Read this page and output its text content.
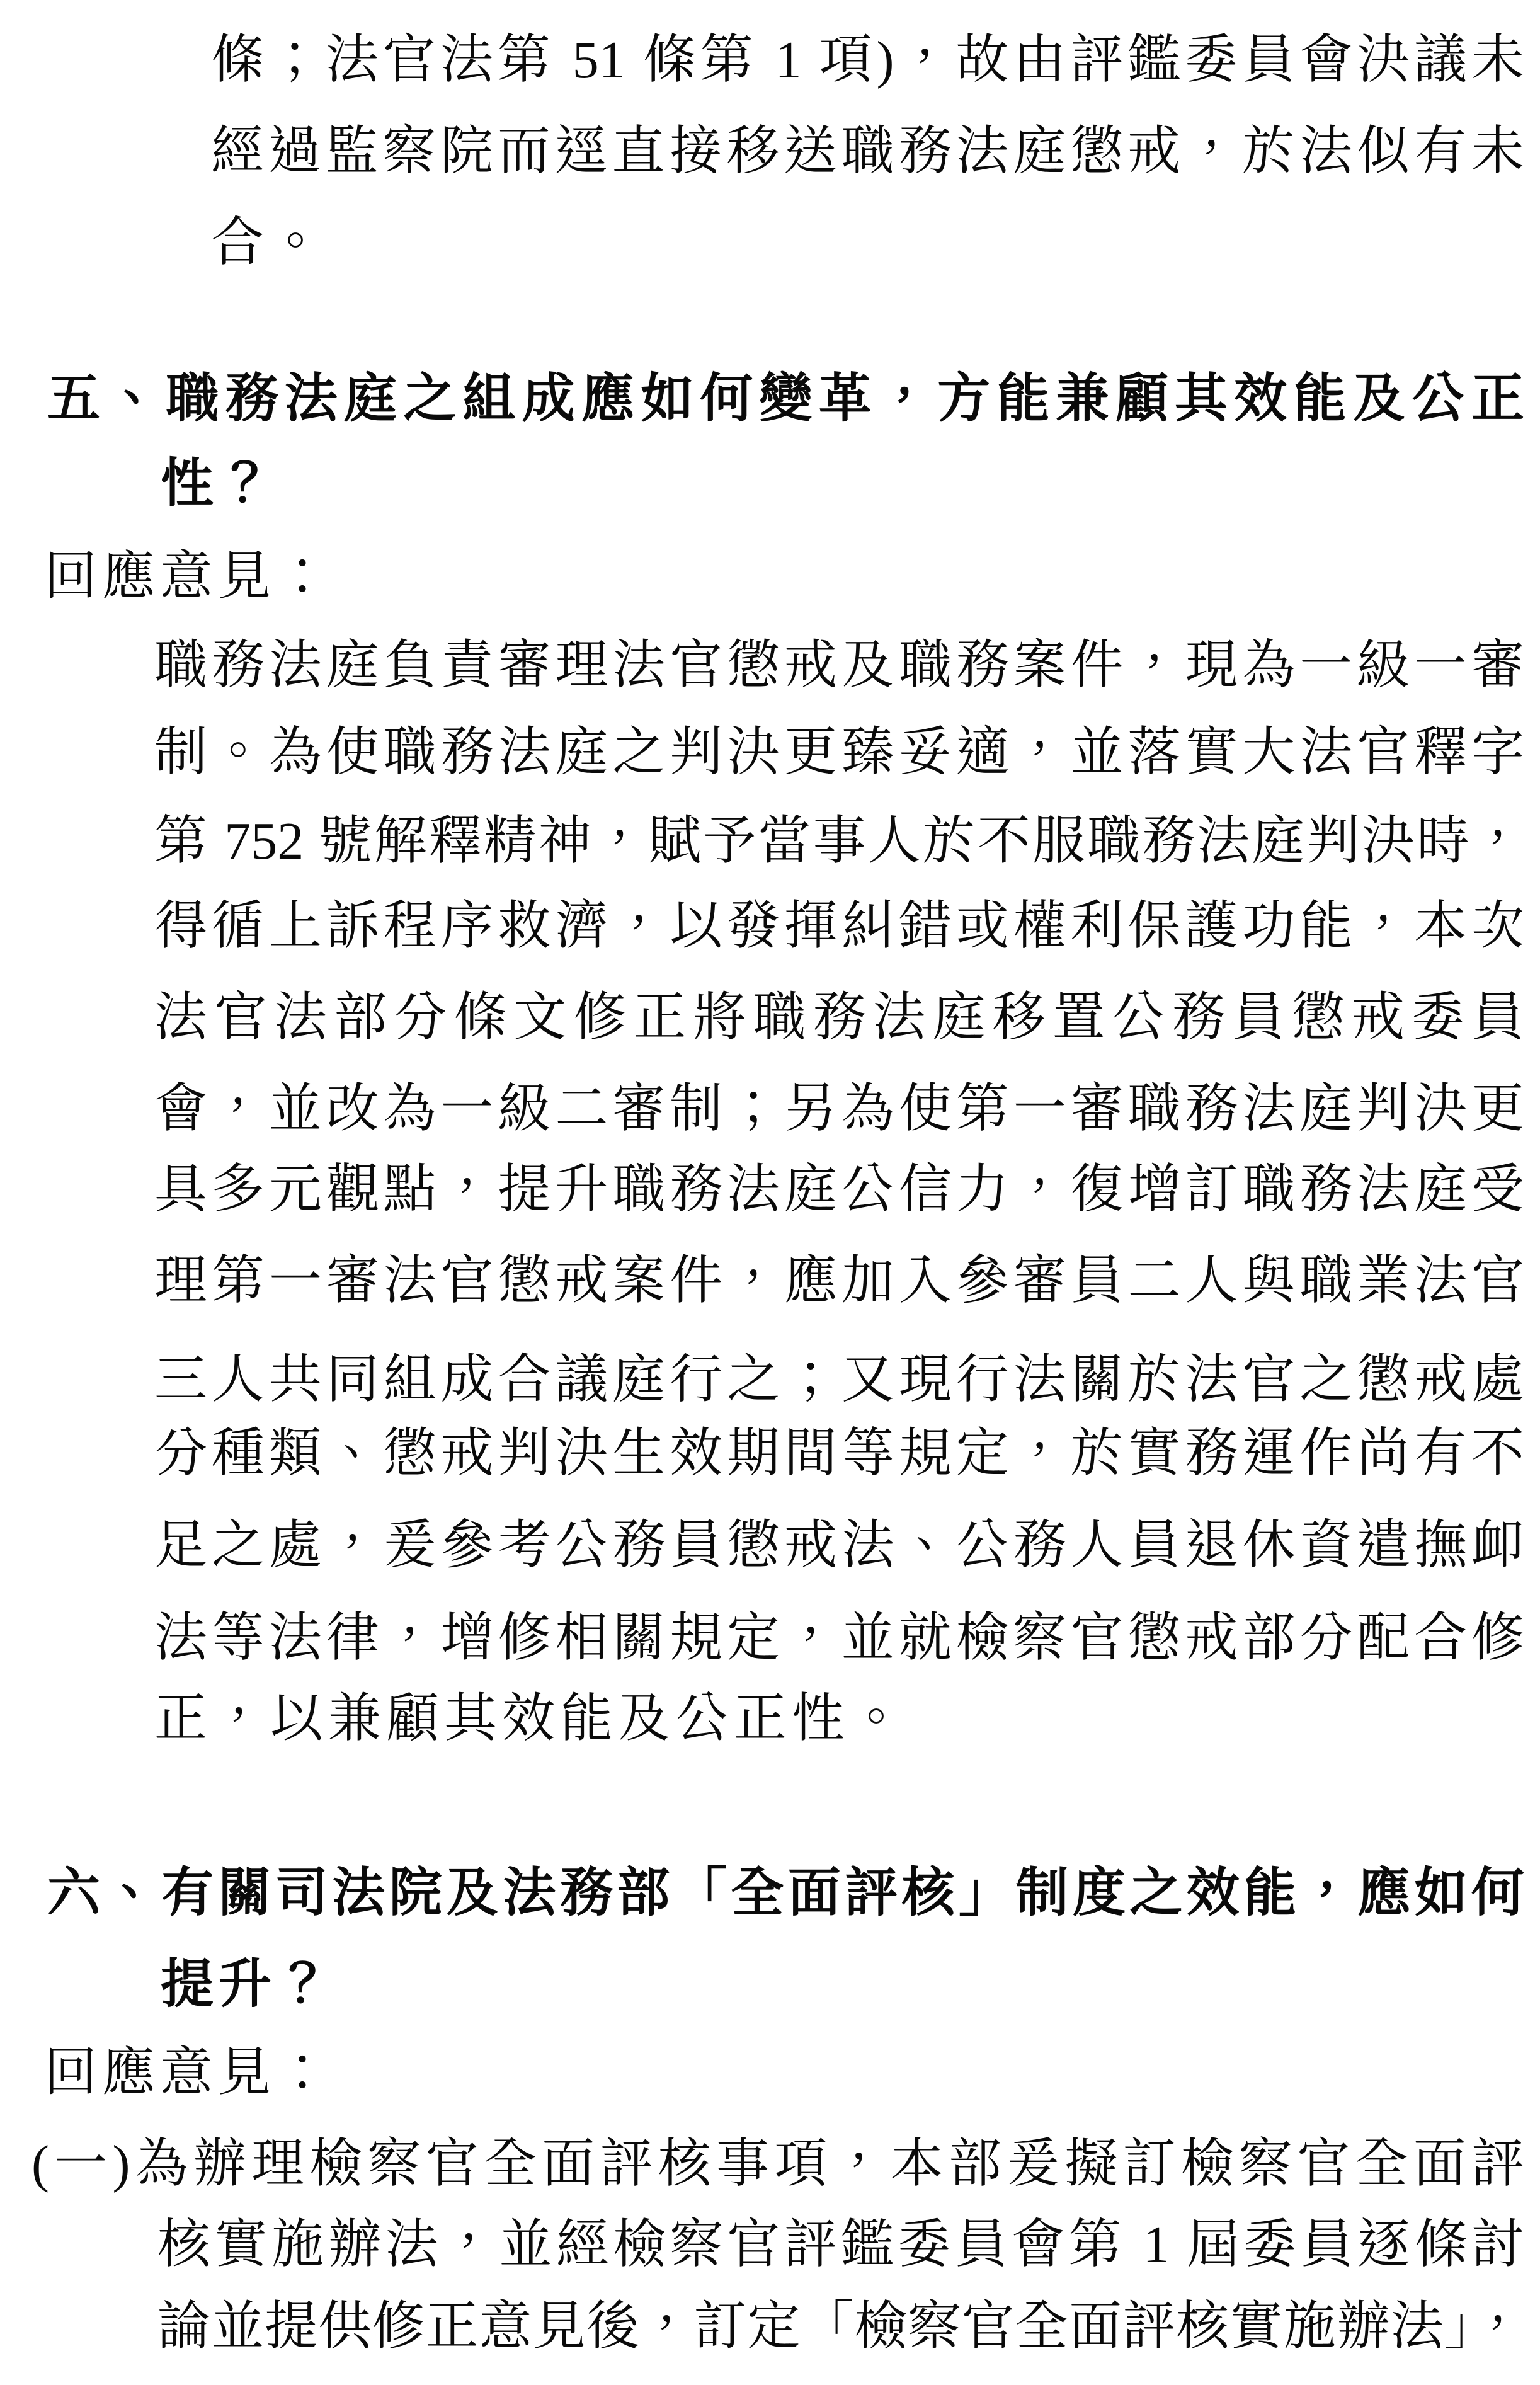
條；法官法第 51 條第 1 項)，故由評鑑委員會決議未
經過監察院而逕直接移送職務法庭懲戒，於法似有未
合。
五、職務法庭之組成應如何變革，方能兼顧其效能及公正
性？
回應意見：
職務法庭負責審理法官懲戒及職務案件，現為一級一審
制。為使職務法庭之判決更臻妥適，並落實大法官釋字
第 752 號解釋精神，賦予當事人於不服職務法庭判決時，
得循上訴程序救濟，以發揮糾錯或權利保護功能，本次
法官法部分條文修正將職務法庭移置公務員懲戒委員
會，並改為一級二審制；另為使第一審職務法庭判決更
具多元觀點，提升職務法庭公信力，復增訂職務法庭受
理第一審法官懲戒案件，應加入參審員二人與職業法官
三人共同組成合議庭行之；又現行法關於法官之懲戒處
分種類、懲戒判決生效期間等規定，於實務運作尚有不
足之處，爰參考公務員懲戒法、公務人員退休資遣撫卹
法等法律，增修相關規定，並就檢察官懲戒部分配合修
正，以兼顧其效能及公正性。
六、有關司法院及法務部「全面評核」制度之效能，應如何
提升？
回應意見：
(一)為辦理檢察官全面評核事項，本部爰擬訂檢察官全面評
核實施辦法，並經檢察官評鑑委員會第 1 屆委員逐條討
論並提供修正意見後，訂定「檢察官全面評核實施辦法」，
